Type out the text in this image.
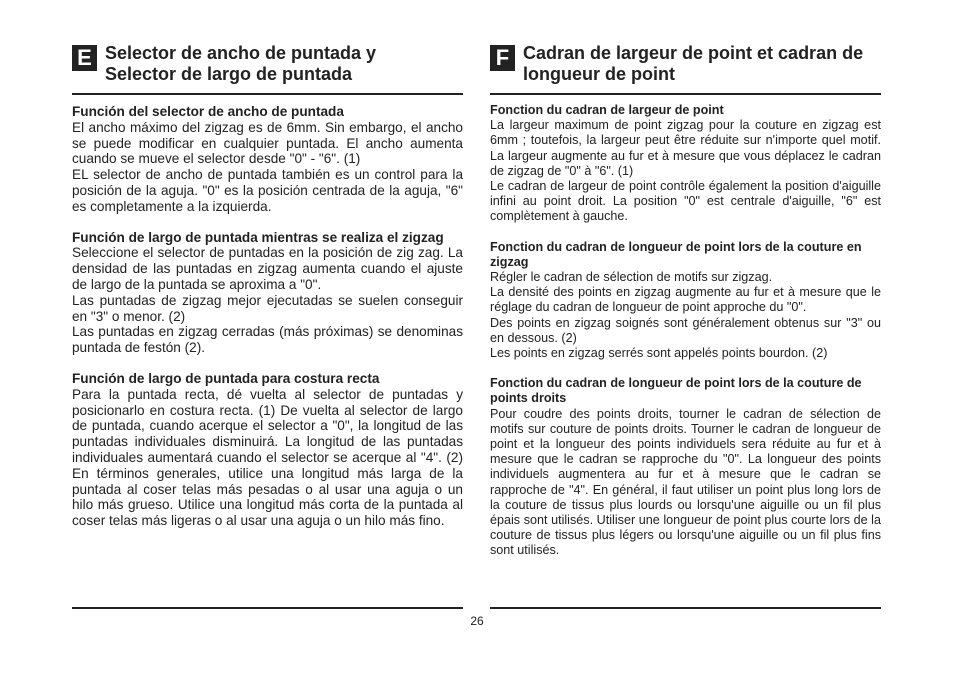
E Selector de ancho de puntada y
Selector de largo de puntada

Función del selector de ancho de puntada

El ancho máximo del zigzag es de 6mm. Sin embargo, el ancho se puede modificar en cualquier puntada. El ancho aumenta cuando se mueve el selector desde "0" - "6". (1)

EL selector de ancho de puntada también es un control para la posición de la aguja. "0" es la posición centrada de la aguja, "6" es completamente a la izquierda.

Función de largo de puntada mientras se realiza el zigzag

Seleccione el selector de puntadas en la posición de zig zag. La densidad de las puntadas en zigzag aumenta cuando el ajuste de largo de la puntada se aproxima a "0".

Las puntadas de zigzag mejor ejecutadas se suelen conseguir en "3" o menor. (2)

Las puntadas en zigzag cerradas (más próximas) se denominas puntada de festón (2).

Función de largo de puntada para costura recta

Para la puntada recta, dé vuelta al selector de puntadas y posicionarlo en costura recta. (1) De vuelta al selector de largo de puntada, cuando acerque el selector a "0", la longitud de las puntadas individuales disminuirá. La longitud de las puntadas individuales aumentará cuando el selector se acerque al "4". (2) En términos generales, utilice una longitud más larga de la puntada al coser telas más pesadas o al usar una aguja o un hilo más grueso. Utilice una longitud más corta de la puntada al coser telas más ligeras o al usar una aguja o un hilo más fino.

F Cadran de largeur de point et cadran de
longueur de point

Fonction du cadran de largeur de point

La largeur maximum de point zigzag pour la couture en zigzag est 6mm ; toutefois, la largeur peut être réduite sur n'importe quel motif. La largeur augmente au fur et à mesure que vous déplacez le cadran de zigzag de "0" à "6". (1)

Le cadran de largeur de point contrôle également la position d'aiguille infini au point droit. La position "0" est centrale d'aiguille, "6" est complètement à gauche.

Fonction du cadran de longueur de point lors de la couture en zigzag

Régler le cadran de sélection de motifs sur zigzag.

La densité des points en zigzag augmente au fur et à mesure que le réglage du cadran de longueur de point approche du "0".

Des points en zigzag soignés sont généralement obtenus sur "3" ou en dessous. (2)

Les points en zigzag serrés sont appelés points bourdon. (2)

Fonction du cadran de longueur de point lors de la couture de points droits

Pour coudre des points droits, tourner le cadran de sélection de motifs sur couture de points droits. Tourner le cadran de longueur de point et la longueur des points individuels sera réduite au fur et à mesure que le cadran se rapproche du "0". La longueur des points individuels augmentera au fur et à mesure que le cadran se rapproche de "4". En général, il faut utiliser un point plus long lors de la couture de tissus plus lourds ou lorsqu'une aiguille ou un fil plus épais sont utilisés. Utiliser une longueur de point plus courte lors de la couture de tissus plus légers ou lorsqu'une aiguille ou un fil plus fins sont utilisés.

26
